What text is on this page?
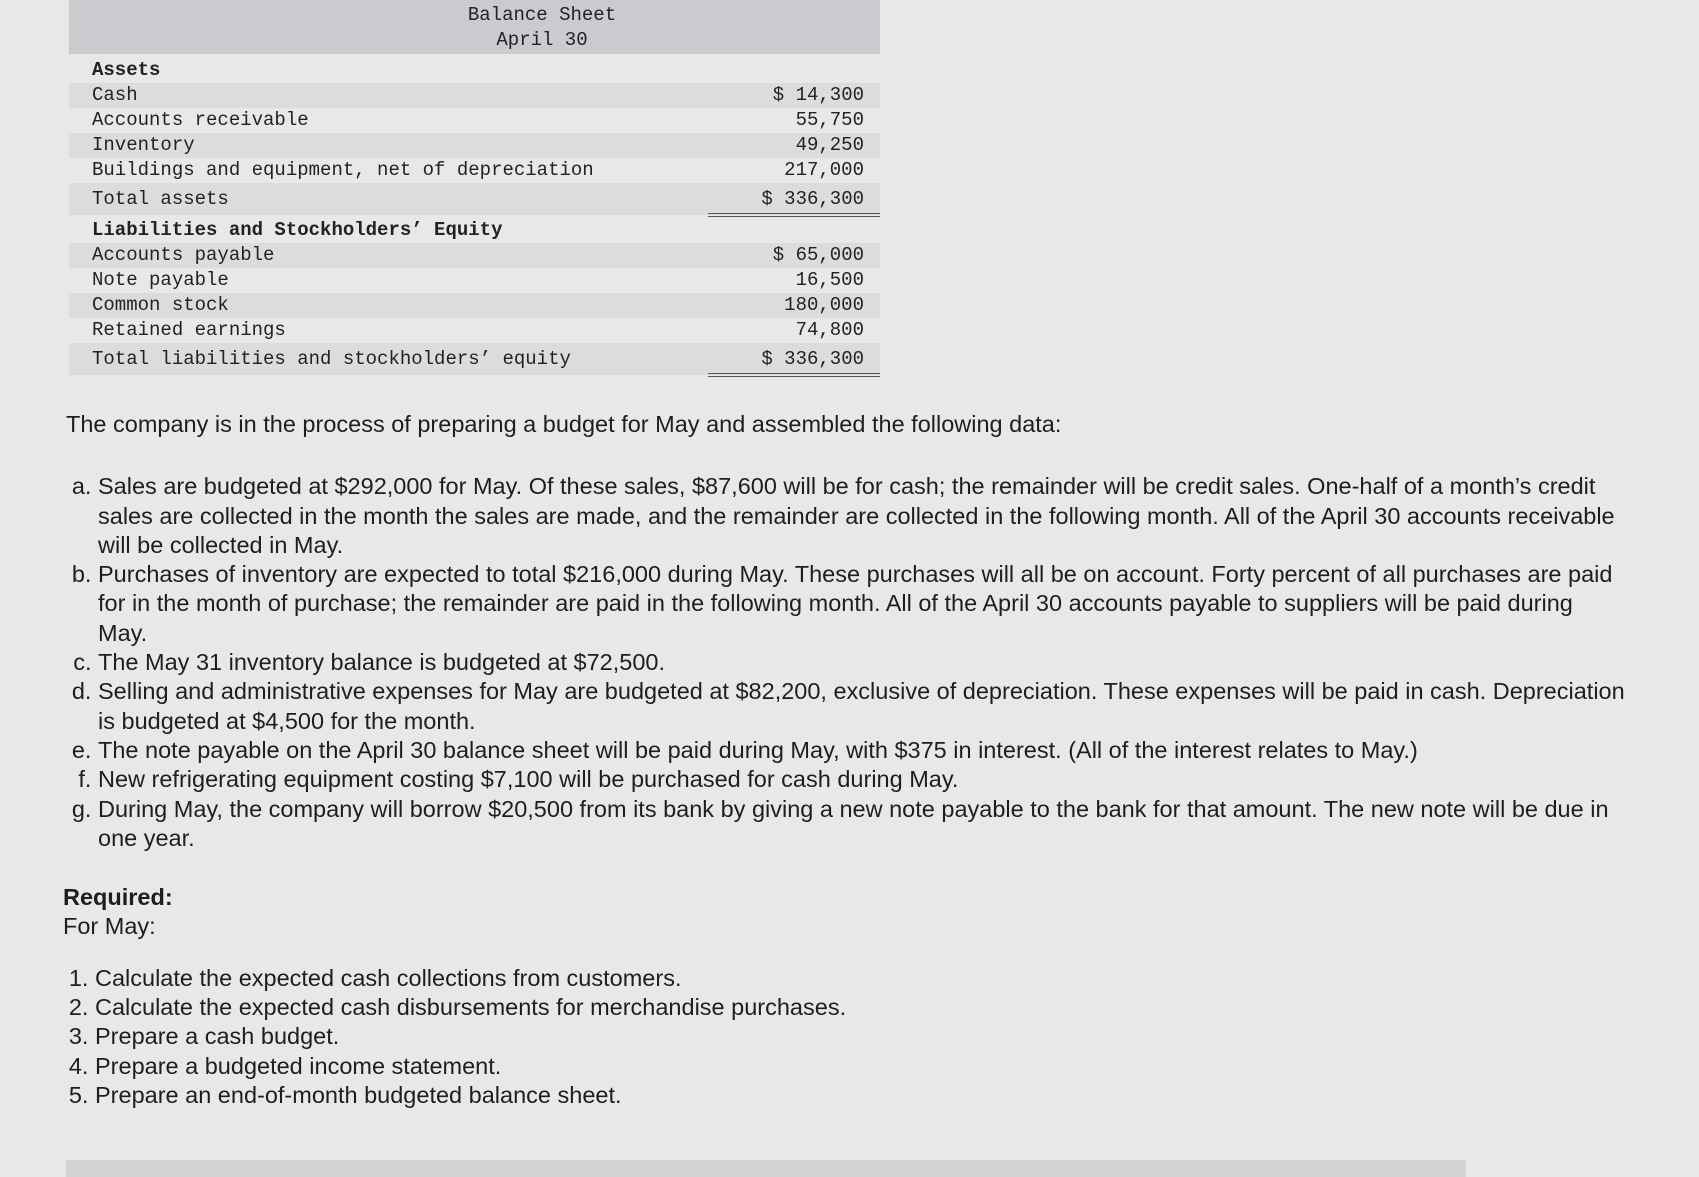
Balance Sheet
April 30
Assets
Cash	$ 14,300
Accounts receivable	55,750
Inventory	49,250
Buildings and equipment, net of depreciation	217,000
Total assets	$ 336,300
Liabilities and Stockholders’ Equity
Accounts payable	$ 65,000
Note payable	16,500
Common stock	180,000
Retained earnings	74,800
Total liabilities and stockholders’ equity	$ 336,300

The company is in the process of preparing a budget for May and assembled the following data:

a. Sales are budgeted at $292,000 for May. Of these sales, $87,600 will be for cash; the remainder will be credit sales. One-half of a month’s credit sales are collected in the month the sales are made, and the remainder are collected in the following month. All of the April 30 accounts receivable will be collected in May.
b. Purchases of inventory are expected to total $216,000 during May. These purchases will all be on account. Forty percent of all purchases are paid for in the month of purchase; the remainder are paid in the following month. All of the April 30 accounts payable to suppliers will be paid during May.
c. The May 31 inventory balance is budgeted at $72,500.
d. Selling and administrative expenses for May are budgeted at $82,200, exclusive of depreciation. These expenses will be paid in cash. Depreciation is budgeted at $4,500 for the month.
e. The note payable on the April 30 balance sheet will be paid during May, with $375 in interest. (All of the interest relates to May.)
f. New refrigerating equipment costing $7,100 will be purchased for cash during May.
g. During May, the company will borrow $20,500 from its bank by giving a new note payable to the bank for that amount. The new note will be due in one year.

Required:

For May:

1. Calculate the expected cash collections from customers.
2. Calculate the expected cash disbursements for merchandise purchases.
3. Prepare a cash budget.
4. Prepare a budgeted income statement.
5. Prepare an end-of-month budgeted balance sheet.
